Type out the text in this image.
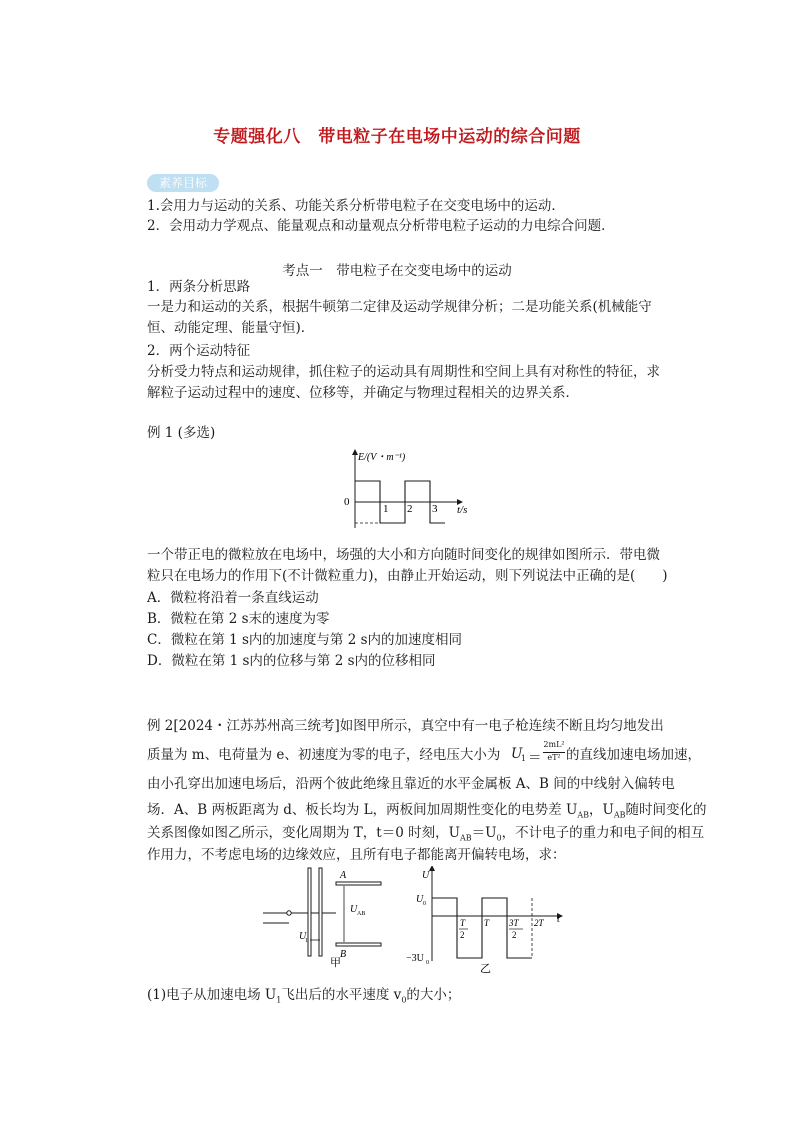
专题强化八　带电粒子在电场中运动的综合问题
素养目标
1.会用力与运动的关系、功能关系分析带电粒子在交变电场中的运动．
2．会用动力学观点、能量观点和动量观点分析带电粒子运动的力电综合问题．
考点一　带电粒子在交变电场中的运动
1．两条分析思路
一是力和运动的关系，根据牛顿第二定律及运动学规律分析；二是功能关系(机械能守
恒、动能定理、能量守恒)．
2．两个运动特征
分析受力特点和运动规律，抓住粒子的运动具有周期性和空间上具有对称性的特征，求
解粒子运动过程中的速度、位移等，并确定与物理过程相关的边界关系．
例 1 (多选)
E/(V・m⁻¹)
0
t/s
1 2 3
一个带正电的微粒放在电场中，场强的大小和方向随时间变化的规律如图所示．带电微
粒只在电场力的作用下(不计微粒重力)，由静止开始运动，则下列说法中正确的是(　　)
A．微粒将沿着一条直线运动
B．微粒在第 2 s末的速度为零
C．微粒在第 1 s内的加速度与第 2 s内的加速度相同
D．微粒在第 1 s内的位移与第 2 s内的位移相同
例 2[2024・江苏苏州高三统考]如图甲所示，真空中有一电子枪连续不断且均匀地发出
质量为 m、电荷量为 e、初速度为零的电子，经电压大小为 U
1 ＝
2mL²
eT² 的直线加速电场加速，
由小孔穿出加速电场后，沿两个彼此绝缘且靠近的水平金属板 A、B 间的中线射入偏转电
场．A、B 两板距离为 d、板长均为 L，两板间加周期性变化的电势差 $U_{AB}$，$U_{AB}$随时间变化的
关系图像如图乙所示，变化周期为 T，t＝0 时刻，$U_{AB}=U_0$，不计电子的重力和电子间的相互
作用力，不考虑电场的边缘效应，且所有电子都能离开偏转电场，求：
U
1
A
B
U AB
甲
U
t
U 0
−3U 0
T
2
T 3T
2
2T
乙
(1)电子从加速电场 $U_1$飞出后的水平速度 $v_0$的大小；
